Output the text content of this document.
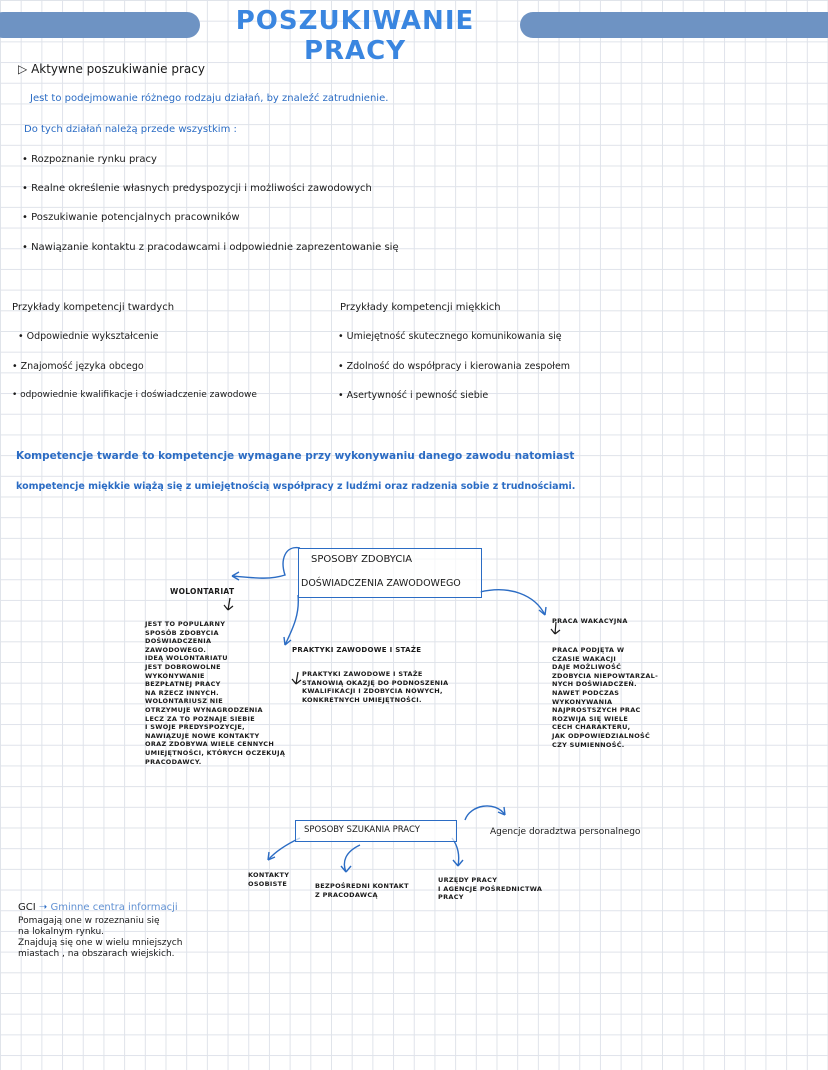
POSZUKIWANIE PRACY
▷ Aktywne poszukiwanie pracy
Jest to podejmowanie różnego rodzaju działań, by znaleźć zatrudnienie.
Do tych działań należą przede wszystkim :
• Rozpoznanie rynku pracy
• Realne określenie własnych predyspozycji i możliwości zawodowych
• Poszukiwanie potencjalnych pracowników
• Nawiązanie kontaktu z pracodawcami i odpowiednie zaprezentowanie się
Przykłady kompetencji twardych
• Odpowiednie wykształcenie
• Znajomość języka obcego
• odpowiednie kwalifikacje i doświadczenie zawodowe
Przykłady kompetencji miękkich
• Umiejętność skutecznego komunikowania się
• Zdolność do współpracy i kierowania zespołem
• Asertywność i pewność siebie
Kompetencje twarde to kompetencje wymagane przy wykonywaniu danego zawodu natomiast
kompetencje miękkie wiążą się z umiejętnością współpracy z ludźmi oraz radzenia sobie z trudnościami.
SPOSOBY ZDOBYCIA
DOŚWIADCZENIA ZAWODOWEGO
WOLONTARIAT
JEST TO POPULARNY
SPOSÓB ZDOBYCIA
DOŚWIADCZENIA
ZAWODOWEGO.
IDEĄ WOLONTARIATU
JEST DOBROWOLNE
WYKONYWANIE
BEZPŁATNEJ PRACY
NA RZECZ INNYCH.
WOLONTARIUSZ NIE
OTRZYMUJE WYNAGRODZENIA
LECZ ZA TO POZNAJE SIEBIE
I SWOJE PREDYSPOZYCJE,
NAWIĄZUJE NOWE KONTAKTY
ORAZ ZDOBYWA WIELE CENNYCH
UMIEJĘTNOŚCI, KTÓRYCH OCZEKUJĄ
PRACODAWCY.
PRAKTYKI ZAWODOWE I STAŻE
PRAKTYKI ZAWODOWE I STAŻE
STANOWIĄ OKAZJĘ DO PODNOSZENIA
KWALIFIKACJI I ZDOBYCIA NOWYCH,
KONKRETNYCH UMIEJĘTNOŚCI.
PRACA WAKACYJNA
PRACA PODJĘTA W
CZASIE WAKACJI
DAJE MOŻLIWOŚĆ
ZDOBYCIA NIEPOWTARZAL-
NYCH DOŚWIADCZEŃ.
NAWET PODCZAS
WYKONYWANIA
NAJPROSTSZYCH PRAC
ROZWIJA SIĘ WIELE
CECH CHARAKTERU,
JAK ODPOWIEDZIALNOŚĆ
CZY SUMIENNOŚĆ.
SPOSOBY SZUKANIA PRACY	Agencje doradztwa personalnego
KONTAKTY
OSOBISTE	BEZPOŚREDNI KONTAKT
Z PRACODAWCĄ
URZĘDY PRACY
I AGENCJE POŚREDNICTWA
PRACY
GCI ➝ Gminne centra informacji
Pomagają one w rozeznaniu się
na lokalnym rynku.
Znajdują się one w wielu mniejszych
miastach , na obszarach wiejskich.
